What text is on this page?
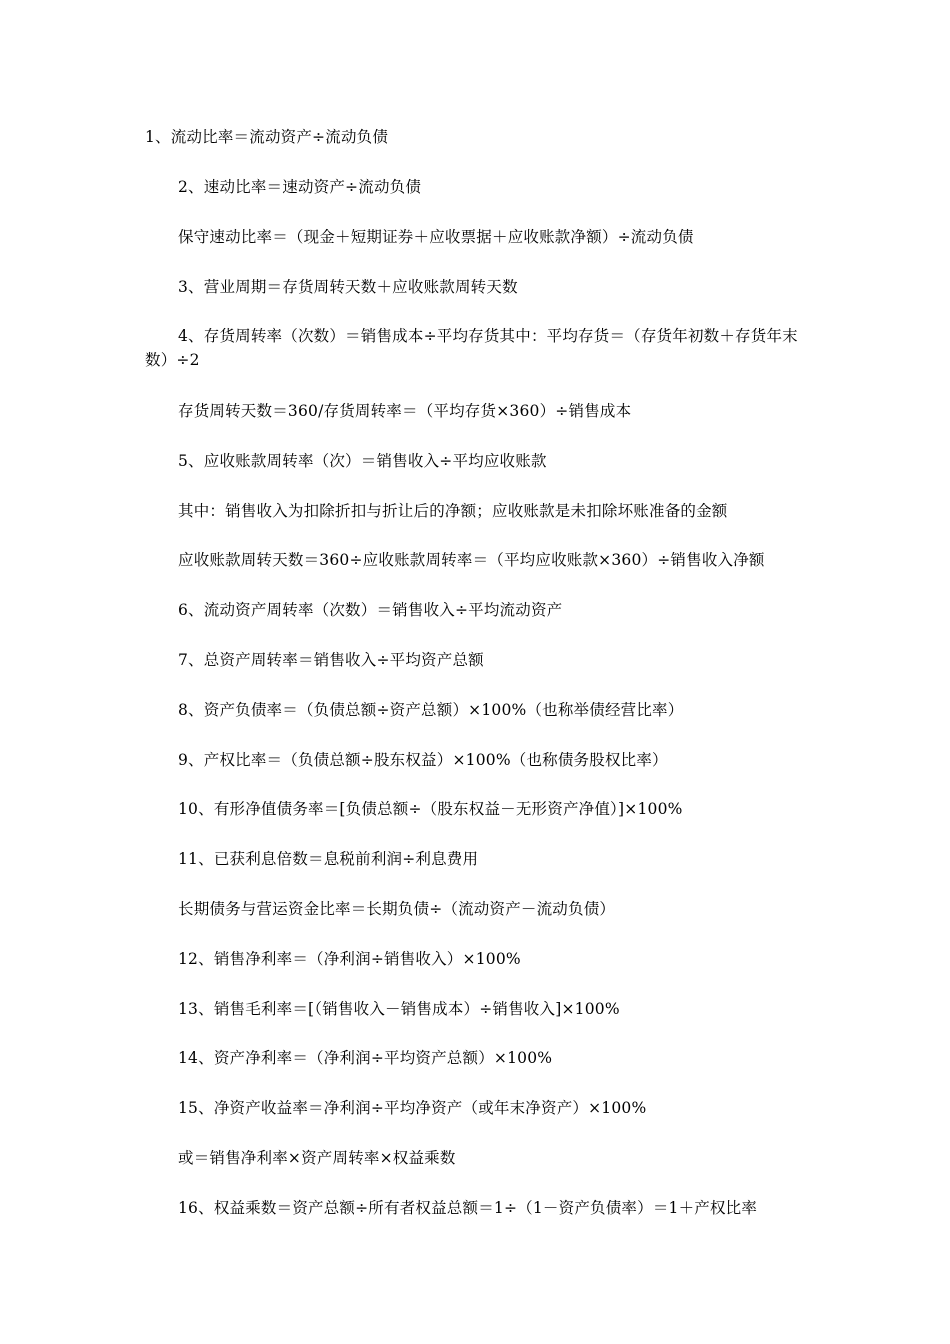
1、流动比率＝流动资产÷流动负债
2、速动比率＝速动资产÷流动负债
保守速动比率＝（现金＋短期证券＋应收票据＋应收账款净额）÷流动负债
3、营业周期＝存货周转天数＋应收账款周转天数
4、存货周转率（次数）＝销售成本÷平均存货其中：平均存货＝（存货年初数＋存货年末数）÷2
存货周转天数＝360/存货周转率＝（平均存货×360）÷销售成本
5、应收账款周转率（次）＝销售收入÷平均应收账款
其中：销售收入为扣除折扣与折让后的净额；应收账款是未扣除坏账准备的金额
应收账款周转天数＝360÷应收账款周转率＝（平均应收账款×360）÷销售收入净额
6、流动资产周转率（次数）＝销售收入÷平均流动资产
7、总资产周转率＝销售收入÷平均资产总额
8、资产负债率＝（负债总额÷资产总额）×100%（也称举债经营比率）
9、产权比率＝（负债总额÷股东权益）×100%（也称债务股权比率）
10、有形净值债务率＝[负债总额÷（股东权益－无形资产净值）]×100%
11、已获利息倍数＝息税前利润÷利息费用
长期债务与营运资金比率＝长期负债÷（流动资产－流动负债）
12、销售净利率＝（净利润÷销售收入）×100%
13、销售毛利率＝[（销售收入－销售成本）÷销售收入]×100%
14、资产净利率＝（净利润÷平均资产总额）×100%
15、净资产收益率＝净利润÷平均净资产（或年末净资产）×100%
或＝销售净利率×资产周转率×权益乘数
16、权益乘数＝资产总额÷所有者权益总额＝1÷（1－资产负债率）＝1＋产权比率
